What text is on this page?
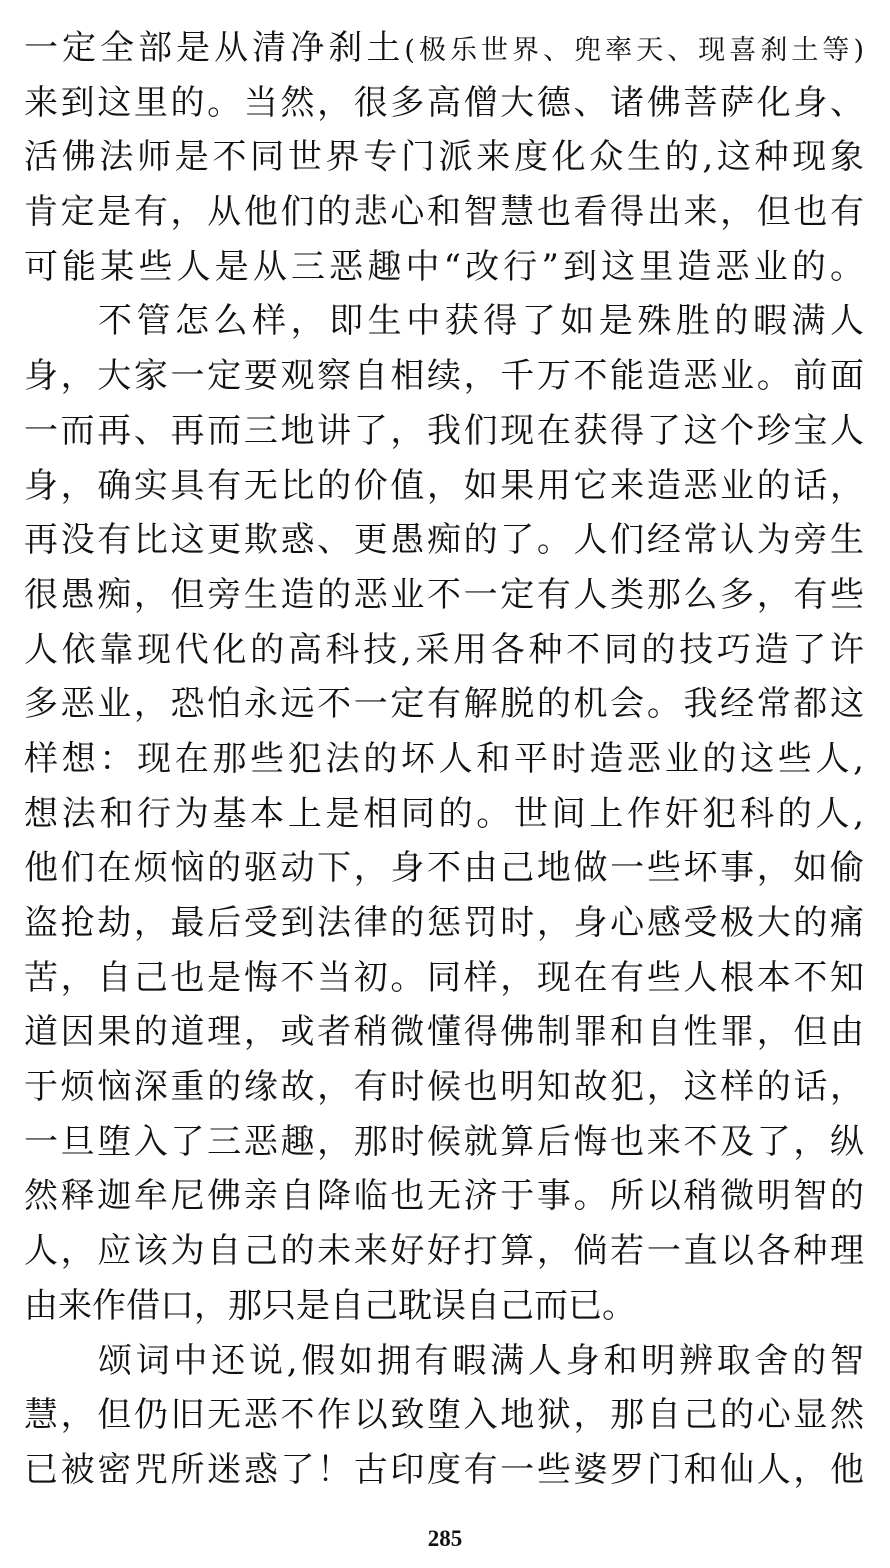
一定全部是从清净刹土(极乐世界、兜率天、现喜刹土等)
来到这里的。当然，很多高僧大德、诸佛菩萨化身、
活佛法师是不同世界专门派来度化众生的,这种现象
肯定是有，从他们的悲心和智慧也看得出来，但也有
可能某些人是从三恶趣中“改行”到这里造恶业的。
不管怎么样，即生中获得了如是殊胜的暇满人
身，大家一定要观察自相续，千万不能造恶业。前面
一而再、再而三地讲了，我们现在获得了这个珍宝人
身，确实具有无比的价值，如果用它来造恶业的话，
再没有比这更欺惑、更愚痴的了。人们经常认为旁生
很愚痴，但旁生造的恶业不一定有人类那么多，有些
人依靠现代化的高科技,采用各种不同的技巧造了许
多恶业，恐怕永远不一定有解脱的机会。我经常都这
样想：现在那些犯法的坏人和平时造恶业的这些人,
想法和行为基本上是相同的。世间上作奸犯科的人,
他们在烦恼的驱动下，身不由己地做一些坏事，如偷
盗抢劫，最后受到法律的惩罚时，身心感受极大的痛
苦，自己也是悔不当初。同样，现在有些人根本不知
道因果的道理，或者稍微懂得佛制罪和自性罪，但由
于烦恼深重的缘故，有时候也明知故犯，这样的话，
一旦堕入了三恶趣，那时候就算后悔也来不及了，纵
然释迦牟尼佛亲自降临也无济于事。所以稍微明智的
人，应该为自己的未来好好打算，倘若一直以各种理
由来作借口，那只是自己耽误自己而已。
颂词中还说,假如拥有暇满人身和明辨取舍的智
慧，但仍旧无恶不作以致堕入地狱，那自己的心显然
已被密咒所迷惑了！古印度有一些婆罗门和仙人，他
285
